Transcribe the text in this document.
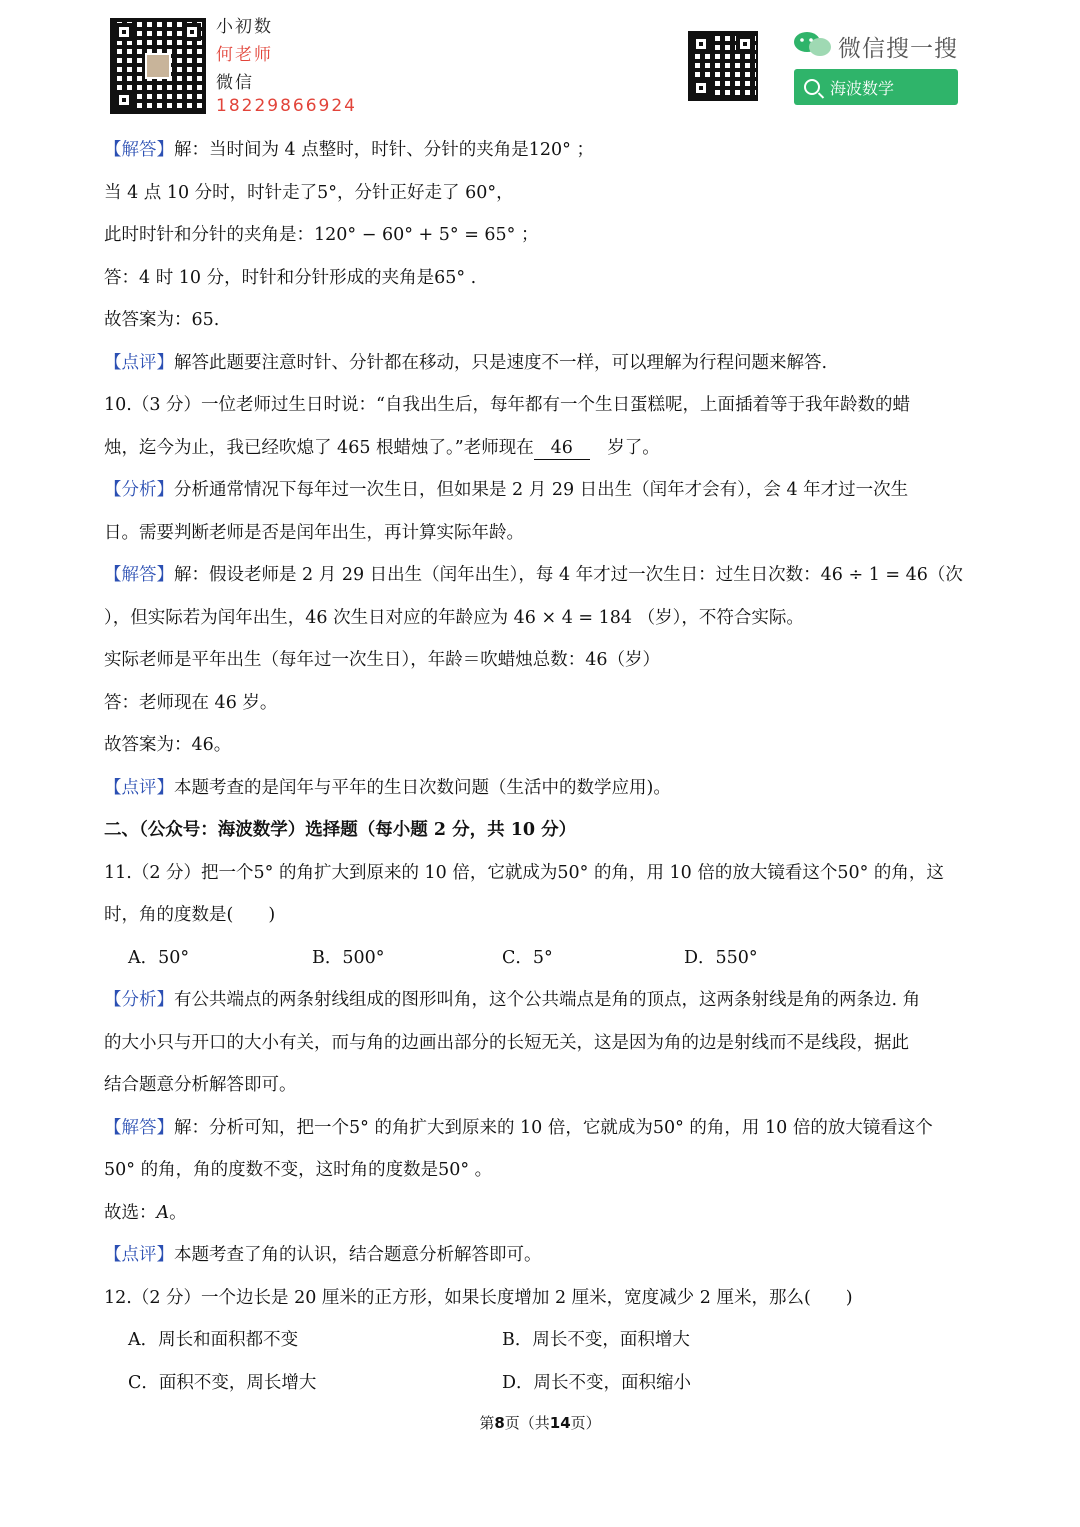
小初数
何老师
微信
18229866924
微信搜一搜
海波数学
【解答】解：当时间为 4 点整时，时针、分针的夹角是120° ；
当 4 点 10 分时，时针走了5°，分针正好走了 60°，
此时时针和分针的夹角是：120° − 60° + 5° = 65° ；
答：4 时 10 分，时针和分针形成的夹角是65° .
故答案为：65.
【点评】解答此题要注意时针、分针都在移动，只是速度不一样，可以理解为行程问题来解答.
10.（3 分）一位老师过生日时说：“自我出生后，每年都有一个生日蛋糕呢，上面插着等于我年龄数的蜡
烛，迄今为止，我已经吹熄了 465 根蜡烛了。”老师现在 46　 岁了。
【分析】分析通常情况下每年过一次生日，但如果是 2 月 29 日出生（闰年才会有），会 4 年才过一次生
日。需要判断老师是否是闰年出生，再计算实际年龄。
【解答】解：假设老师是 2 月 29 日出生（闰年出生），每 4 年才过一次生日：过生日次数：46 ÷ 1 = 46（次
），但实际若为闰年出生，46 次生日对应的年龄应为 46 × 4 = 184 （岁），不符合实际。
实际老师是平年出生（每年过一次生日），年龄＝吹蜡烛总数：46（岁）
答：老师现在 46 岁。
故答案为：46。
【点评】本题考查的是闰年与平年的生日次数问题（生活中的数学应用)。
二、（公众号：海波数学）选择题（每小题 2 分，共 10 分）
11.（2 分）把一个5° 的角扩大到原来的 10 倍，它就成为50° 的角，用 10 倍的放大镜看这个50° 的角，这
时，角的度数是(　　)
A．50°	B．500°	C．5°	D．550°
【分析】有公共端点的两条射线组成的图形叫角，这个公共端点是角的顶点，这两条射线是角的两条边. 角
的大小只与开口的大小有关，而与角的边画出部分的长短无关，这是因为角的边是射线而不是线段，据此
结合题意分析解答即可。
【解答】解：分析可知，把一个5° 的角扩大到原来的 10 倍，它就成为50° 的角，用 10 倍的放大镜看这个
50° 的角，角的度数不变，这时角的度数是50° 。
故选：A。
【点评】本题考查了角的认识，结合题意分析解答即可。
12.（2 分）一个边长是 20 厘米的正方形，如果长度增加 2 厘米，宽度减少 2 厘米，那么(　　)
A．周长和面积都不变	B．周长不变，面积增大
C．面积不变，周长增大	D．周长不变，面积缩小
第8页（共14页）
